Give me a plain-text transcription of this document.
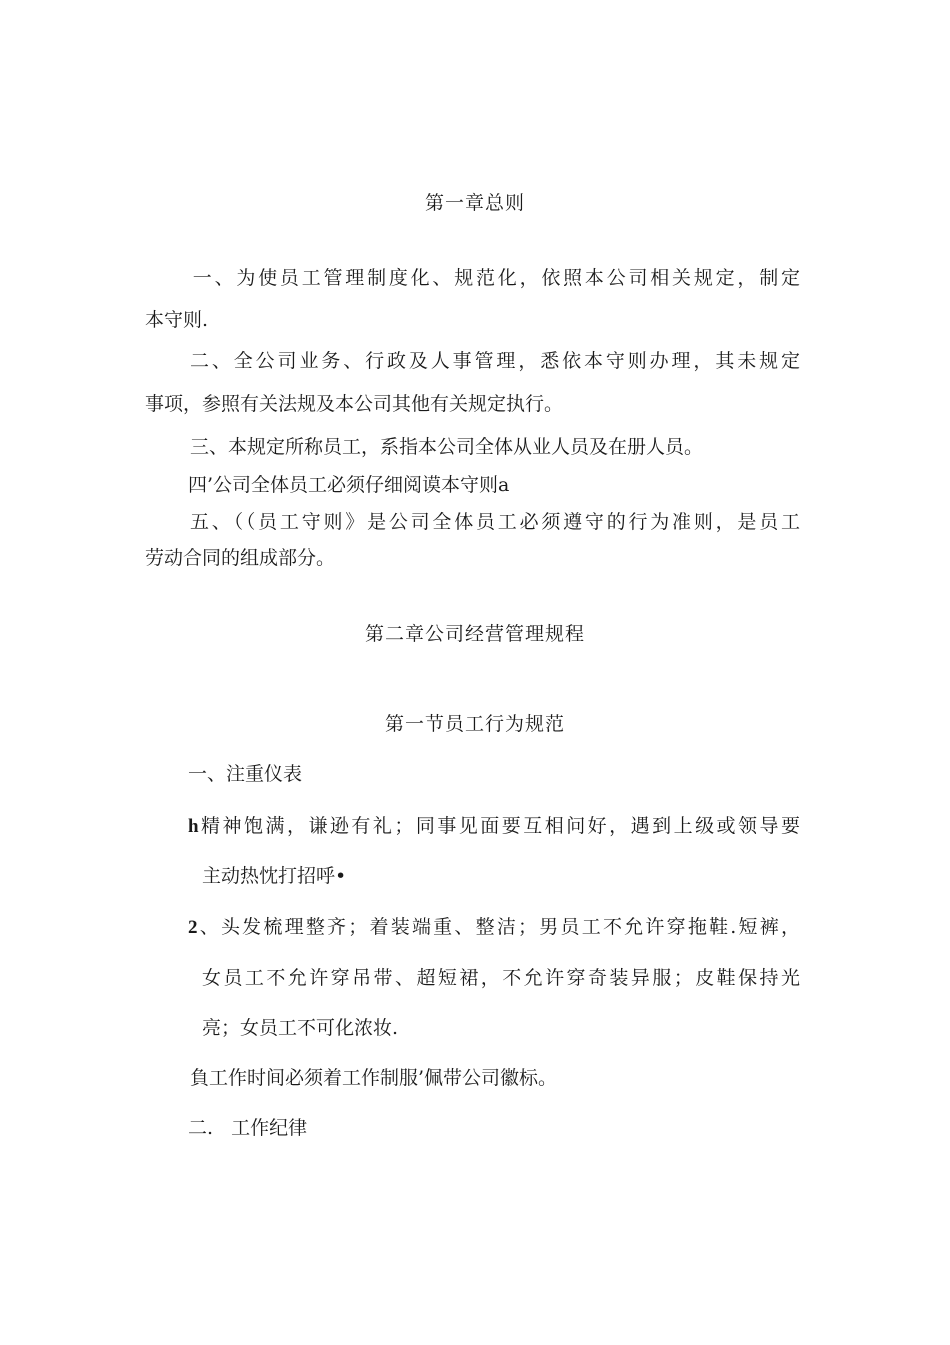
第一章总则
一、为使员工管理制度化、规范化，依照本公司相关规定，制定
本守则.
二、全公司业务、行政及人事管理，悉依本守则办理，其未规定
事项，参照有关法规及本公司其他有关规定执行。
三、本规定所称员工，系指本公司全体从业人员及在册人员。
四’公司全体员工必须仔细阅谟本守则a
五、（（员工守则》是公司全体员工必须遵守的行为准则，是员工
劳动合同的组成部分。
第二章公司经营管理规程
第一节员工行为规范
一、注重仪表
h精神饱满，谦逊有礼；同事见面要互相问好，遇到上级或领导要
主动热忱打招呼•
2、头发梳理整齐；着装端重、整洁；男员工不允许穿拖鞋.短裤，
女员工不允许穿吊带、超短裙，不允许穿奇装异服；皮鞋保持光
亮；女员工不可化浓妆.
負工作时间必须着工作制服’佩带公司徽标。
二.   工作纪律
